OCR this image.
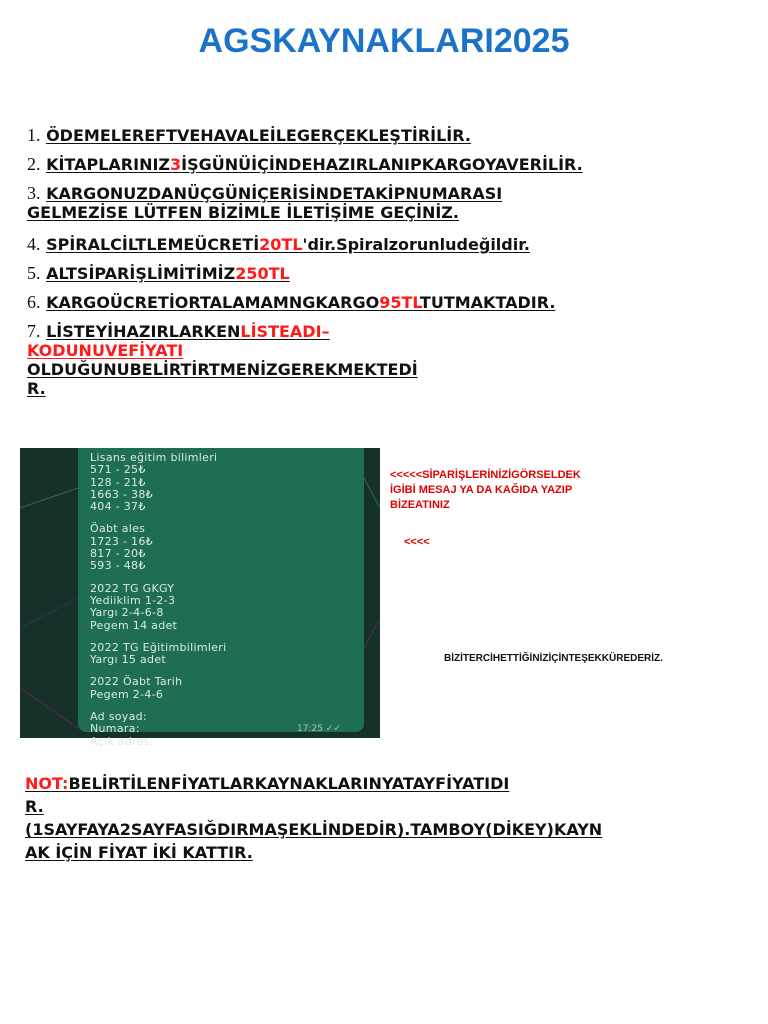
AGSKAYNAKLARI2025

1. ÖDEMELEREFTVEHAVALEİLEGERÇEKLEŞTİRİLİR.

2. KİTAPLARINIZ3İŞGÜNÜİÇİNDEHAZIRLANIPKARGOYAVERİLİR.

3. KARGONUZDANÜÇGÜNİÇERİSİNDETAKİPNUMARASI
GELMEZİSE LÜTFEN BİZİMLE İLETİŞİME GEÇİNİZ.

4. SPİRALCİLTLEMEÜCRETİ20TL'dir.Spiralzorunludeğildir.

5. ALTSİPARİŞLİMİTİMİZ250TL

6. KARGOÜCRETİORTALAMAMNGKARGO95TLTUTMAKTADIR.

7. LİSTEYİHAZIRLARKENLİSTEADI–
KODUNUVEFİYATI
OLDUĞUNUBELİRTİRTMENİZGEREKMEKTEDİ
R.

Lisans eğitim bilimleri
571 - 25₺
128 - 21₺
1663 - 38₺
404 - 37₺
Öabt ales
1723 - 16₺
817 - 20₺
593 - 48₺
2022 TG GKGY
Yediiklim 1-2-3
Yargı 2-4-6-8
Pegem 14 adet
2022 TG Eğitimbilimleri
Yargı 15 adet
2022 Öabt Tarih
Pegem 2-4-6
Ad soyad:
Numara:
Açık adres:
17:25 ✓✓
<<<<<SİPARİŞLERİNİZİGÖRSELDEK
İGİBİ MESAJ YA DA KAĞIDA YAZIP
BİZEATINIZ
<<<<
BİZİTERCİHETTİĞİNİZİÇİNTEŞEKKÜREDERİZ.
NOT:BELİRTİLENFİYATLARKAYNAKLARINYATAYFİYATIDI
R.
(1SAYFAYA2SAYFASIĞDIRMAŞEKLİNDEDİR).TAMBOY(DİKEY)KAYN
AK İÇİN FİYAT İKİ KATTIR.
